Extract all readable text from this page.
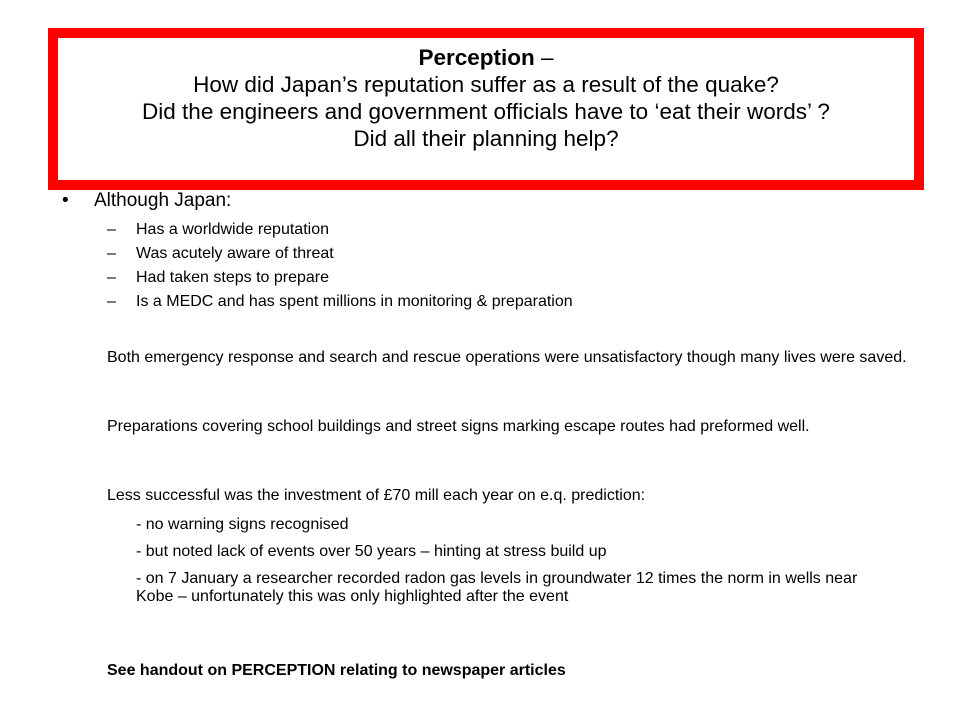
Perception –
How did Japan’s reputation suffer as a result of the quake?
Did the engineers and government officials have to ‘eat their words’ ?
Did all their planning help?
• Although Japan:
– Has a worldwide reputation
– Was acutely aware of threat
– Had taken steps to prepare
– Is a MEDC and has spent millions in monitoring & preparation
Both emergency response and search and rescue operations were unsatisfactory though many lives were saved.
Preparations covering school buildings and street signs marking escape routes had preformed well.
Less successful was the investment of £70 mill each year on e.q. prediction:
- no warning signs recognised
- but noted lack of events over 50 years – hinting at stress build up
- on 7 January a researcher recorded radon gas levels in groundwater 12 times the norm in wells near Kobe – unfortunately this was only highlighted after the event
See handout on PERCEPTION relating to newspaper articles
